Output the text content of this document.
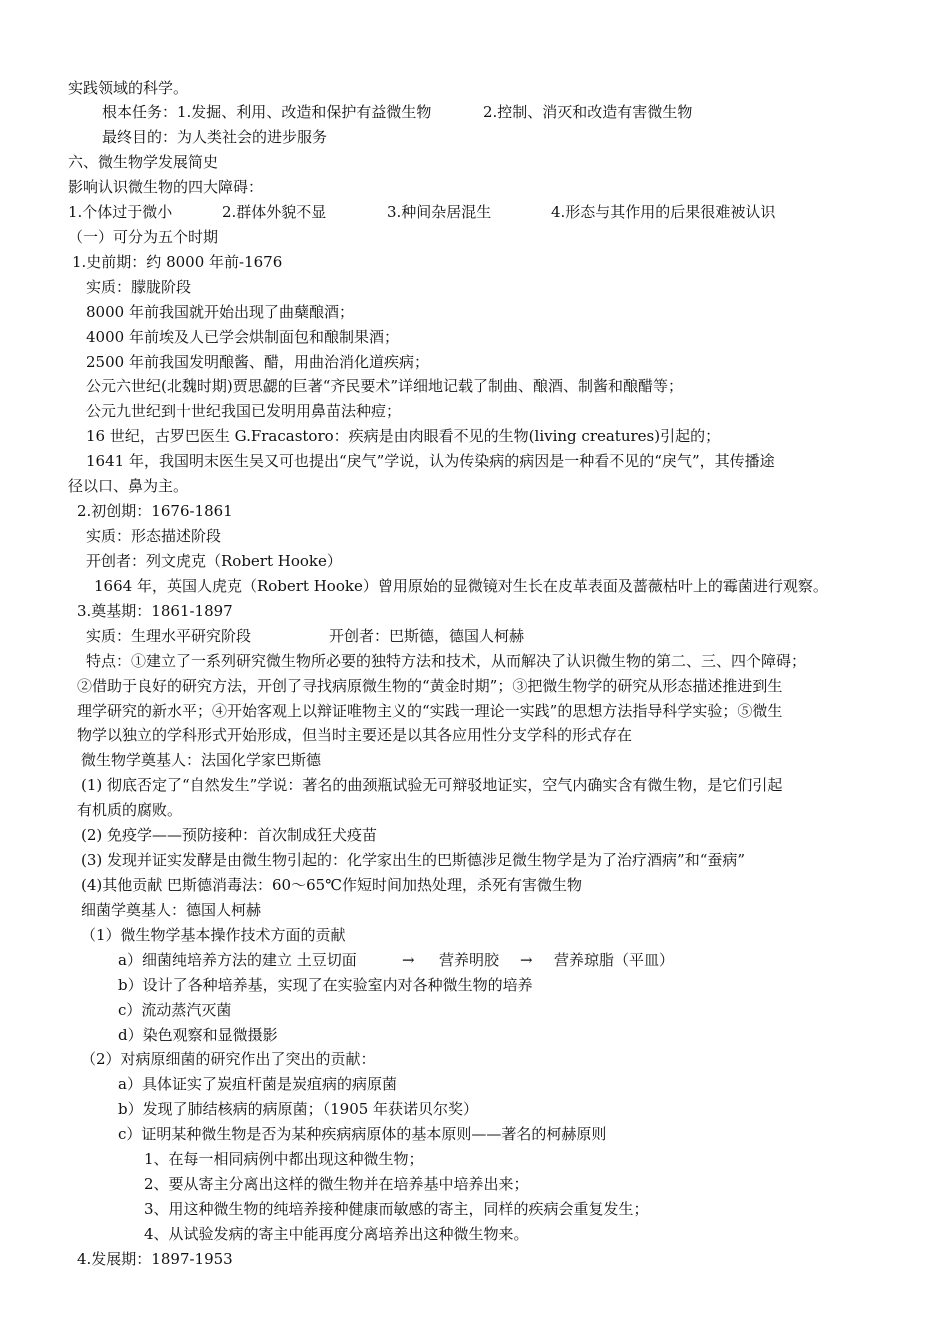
实践领域的科学。
根本任务：1.发掘、利用、改造和保护有益微生物	2.控制、消灭和改造有害微生物
最终目的：为人类社会的进步服务
六、微生物学发展简史
影响认识微生物的四大障碍：
1.个体过于微小	2.群体外貌不显	3.种间杂居混生	4.形态与其作用的后果很难被认识
（一）可分为五个时期
1.史前期：约 8000 年前-1676
实质：朦胧阶段
8000 年前我国就开始出现了曲蘖酿酒；
4000 年前埃及人已学会烘制面包和酿制果酒；
2500 年前我国发明酿酱、醋，用曲治消化道疾病；
公元六世纪(北魏时期)贾思勰的巨著“齐民要术”详细地记载了制曲、酿酒、制酱和酿醋等；
公元九世纪到十世纪我国已发明用鼻苗法种痘；
16 世纪，古罗巴医生 G.Fracastoro：疾病是由肉眼看不见的生物(living creatures)引起的；
1641 年，我国明末医生吴又可也提出“戾气”学说，认为传染病的病因是一种看不见的“戾气”，其传播途
径以口、鼻为主。
2.初创期：1676-1861
实质：形态描述阶段
开创者：列文虎克（Robert Hooke）
1664 年，英国人虎克（Robert Hooke）曾用原始的显微镜对生长在皮革表面及蔷薇枯叶上的霉菌进行观察。
3.奠基期：1861-1897
实质：生理水平研究阶段	开创者：巴斯德，德国人柯赫
特点：①建立了一系列研究微生物所必要的独特方法和技术，从而解决了认识微生物的第二、三、四个障碍；
②借助于良好的研究方法，开创了寻找病原微生物的“黄金时期”；③把微生物学的研究从形态描述推进到生
理学研究的新水平；④开始客观上以辩证唯物主义的“实践一理论一实践”的思想方法指导科学实验；⑤微生
物学以独立的学科形式开始形成，但当时主要还是以其各应用性分支学科的形式存在
微生物学奠基人：法国化学家巴斯德
(1) 彻底否定了“自然发生”学说：著名的曲颈瓶试验无可辩驳地证实，空气内确实含有微生物，是它们引起
有机质的腐败。
(2) 免疫学——预防接种：首次制成狂犬疫苗
(3) 发现并证实发酵是由微生物引起的：化学家出生的巴斯德涉足微生物学是为了治疗酒病”和“蚕病”
(4)其他贡献 巴斯德消毒法：60～65℃作短时间加热处理，杀死有害微生物
细菌学奠基人：德国人柯赫
（1）微生物学基本操作技术方面的贡献
a）细菌纯培养方法的建立 土豆切面	→ 营养明胶 → 营养琼脂（平皿）
b）设计了各种培养基，实现了在实验室内对各种微生物的培养
c）流动蒸汽灭菌
d）染色观察和显微摄影
（2）对病原细菌的研究作出了突出的贡献：
a）具体证实了炭疽杆菌是炭疽病的病原菌
b）发现了肺结核病的病原菌；（1905 年获诺贝尔奖）
c）证明某种微生物是否为某种疾病病原体的基本原则——著名的柯赫原则
1、在每一相同病例中都出现这种微生物；
2、要从寄主分离出这样的微生物并在培养基中培养出来；
3、用这种微生物的纯培养接种健康而敏感的寄主，同样的疾病会重复发生；
4、从试验发病的寄主中能再度分离培养出这种微生物来。
4.发展期：1897-1953
